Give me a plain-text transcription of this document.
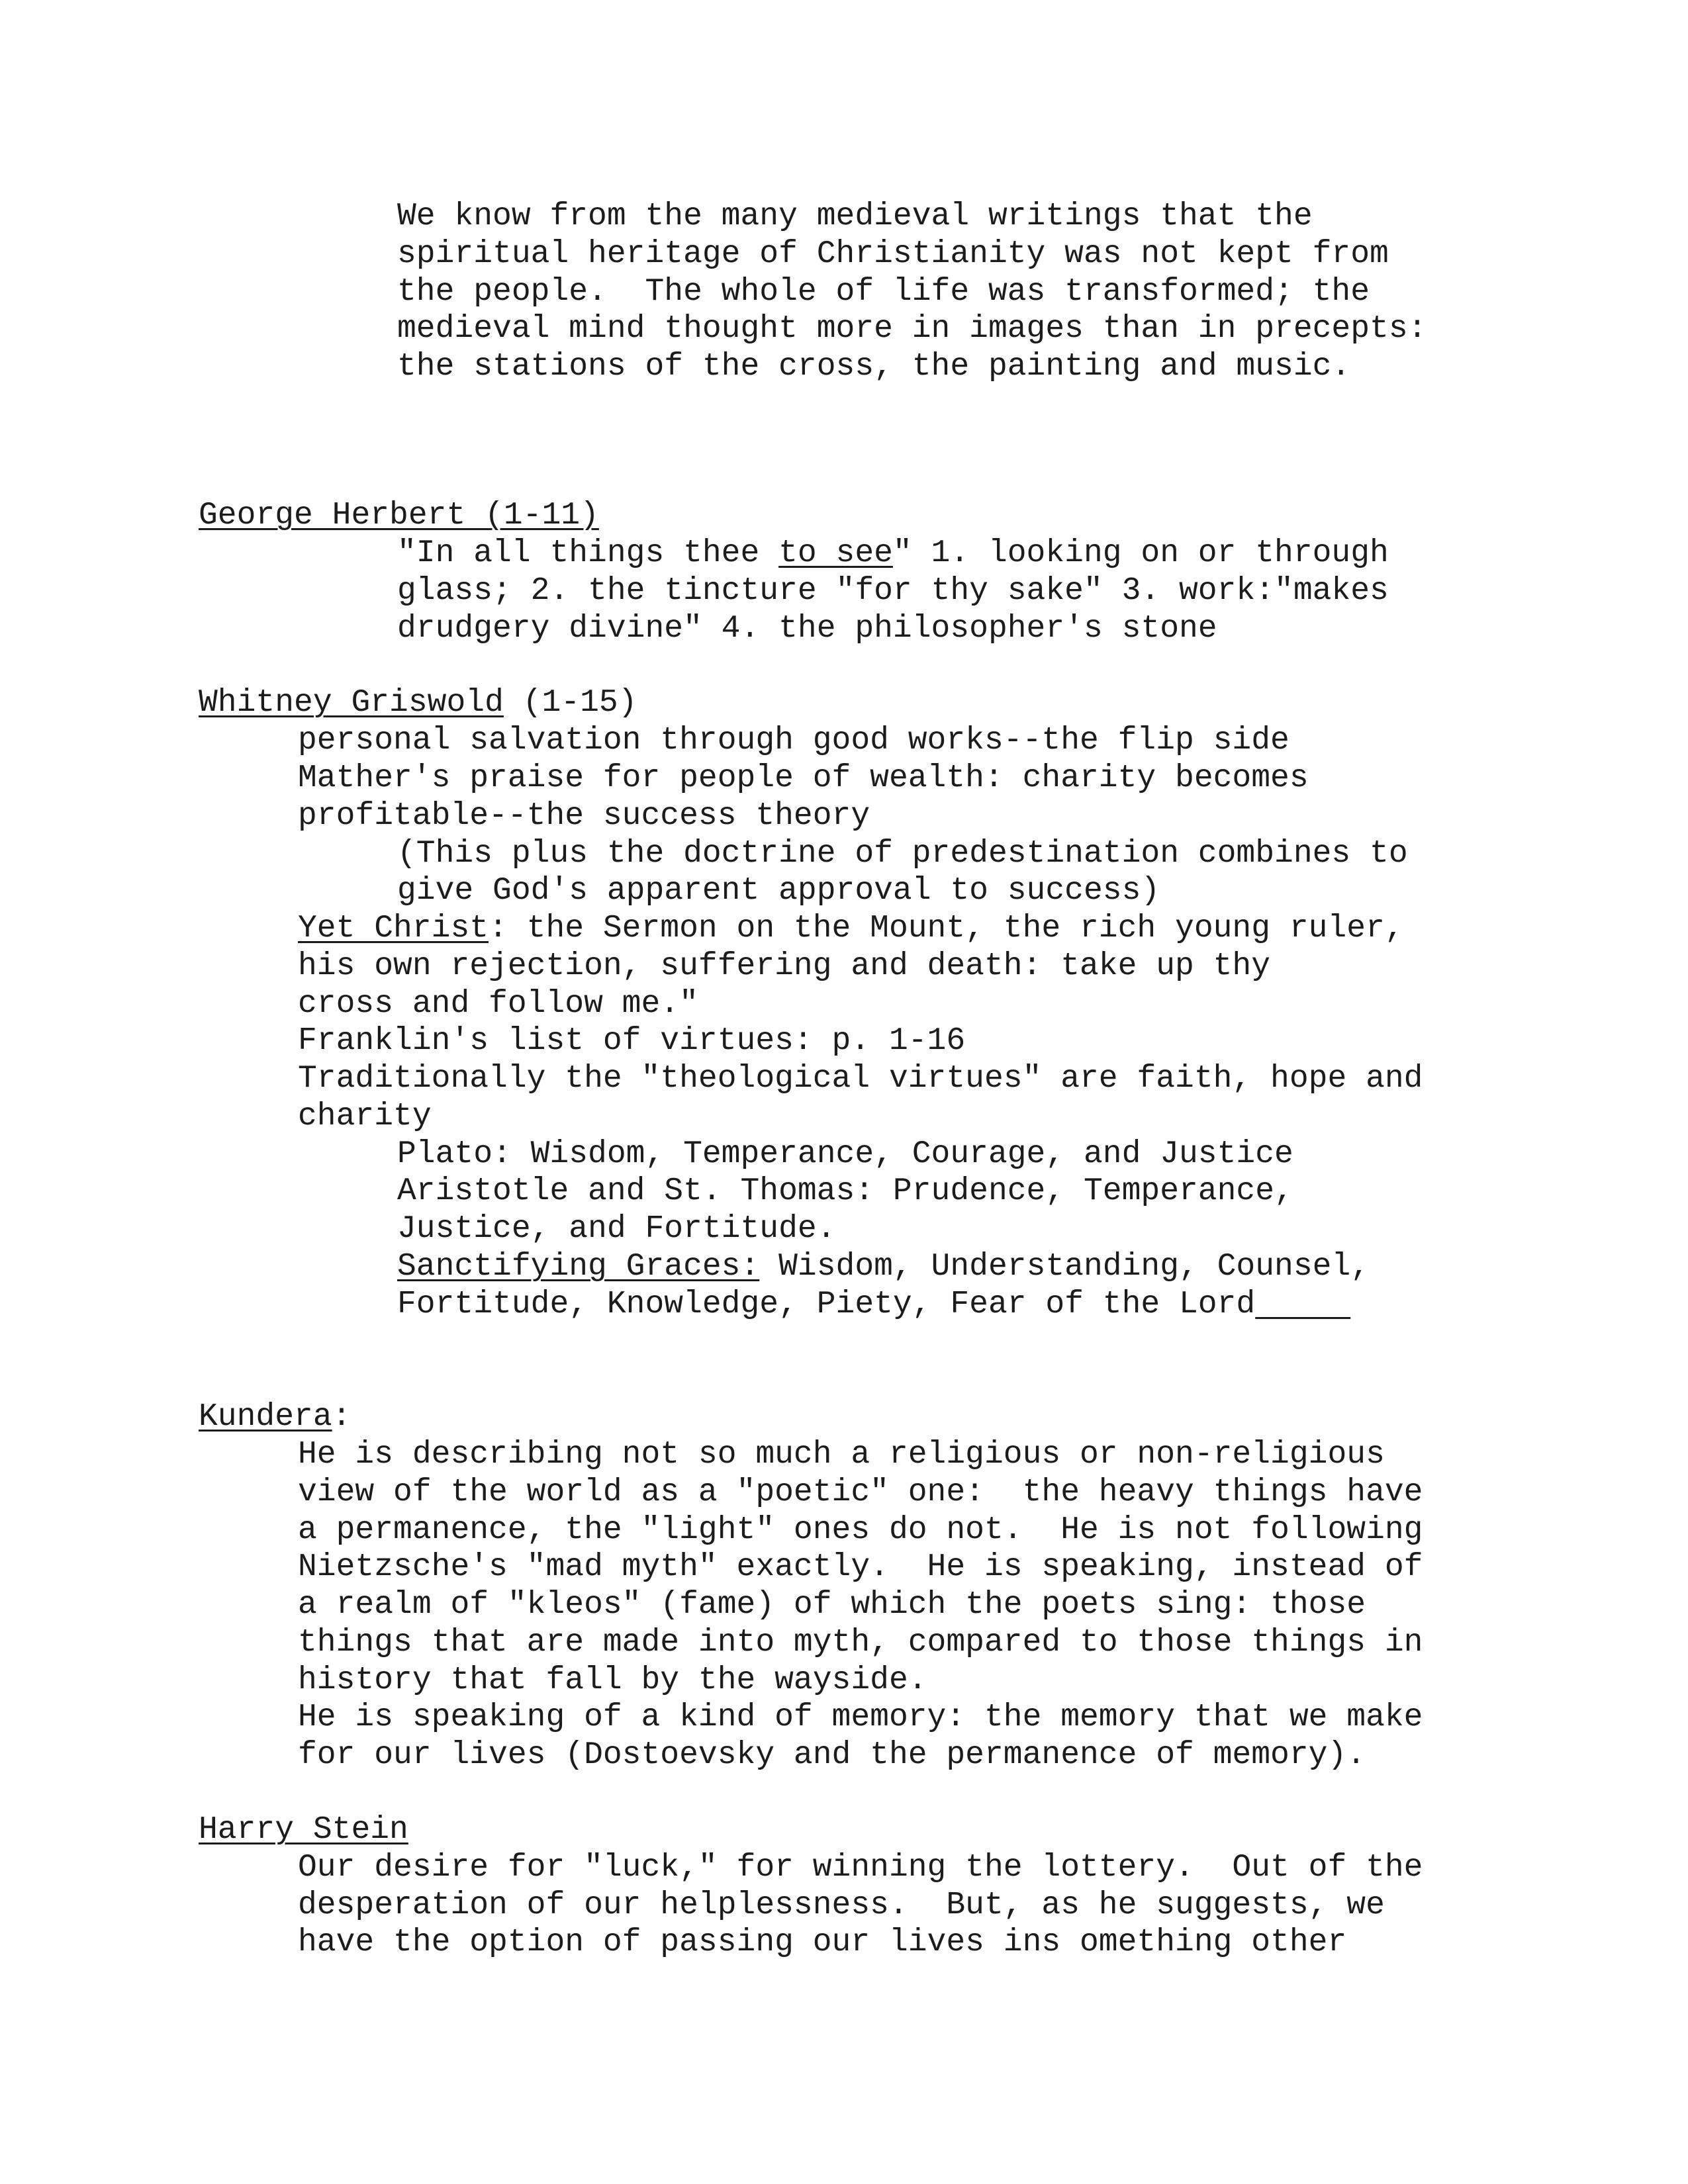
We know from the many medieval writings that the
spiritual heritage of Christianity was not kept from
the people.  The whole of life was transformed; the
medieval mind thought more in images than in precepts:
the stations of the cross, the painting and music.
George Herbert (1-11)
"In all things thee to see" 1. looking on or through
glass; 2. the tincture "for thy sake" 3. work:"makes
drudgery divine" 4. the philosopher's stone
Whitney Griswold (1-15)
personal salvation through good works--the flip side
Mather's praise for people of wealth: charity becomes
profitable--the success theory
(This plus the doctrine of predestination combines to
give God's apparent approval to success)
Yet Christ: the Sermon on the Mount, the rich young ruler,
his own rejection, suffering and death: take up thy
cross and follow me."
Franklin's list of virtues: p. 1-16
Traditionally the "theological virtues" are faith, hope and
charity
Plato: Wisdom, Temperance, Courage, and Justice
Aristotle and St. Thomas: Prudence, Temperance,
Justice, and Fortitude.
Sanctifying Graces: Wisdom, Understanding, Counsel,
Fortitude, Knowledge, Piety, Fear of the Lord
Kundera:
He is describing not so much a religious or non-religious
view of the world as a "poetic" one:  the heavy things have
a permanence, the "light" ones do not.  He is not following
Nietzsche's "mad myth" exactly.  He is speaking, instead of
a realm of "kleos" (fame) of which the poets sing: those
things that are made into myth, compared to those things in
history that fall by the wayside.
He is speaking of a kind of memory: the memory that we make
for our lives (Dostoevsky and the permanence of memory).
Harry Stein
Our desire for "luck," for winning the lottery.  Out of the
desperation of our helplessness.  But, as he suggests, we
have the option of passing our lives ins omething other
